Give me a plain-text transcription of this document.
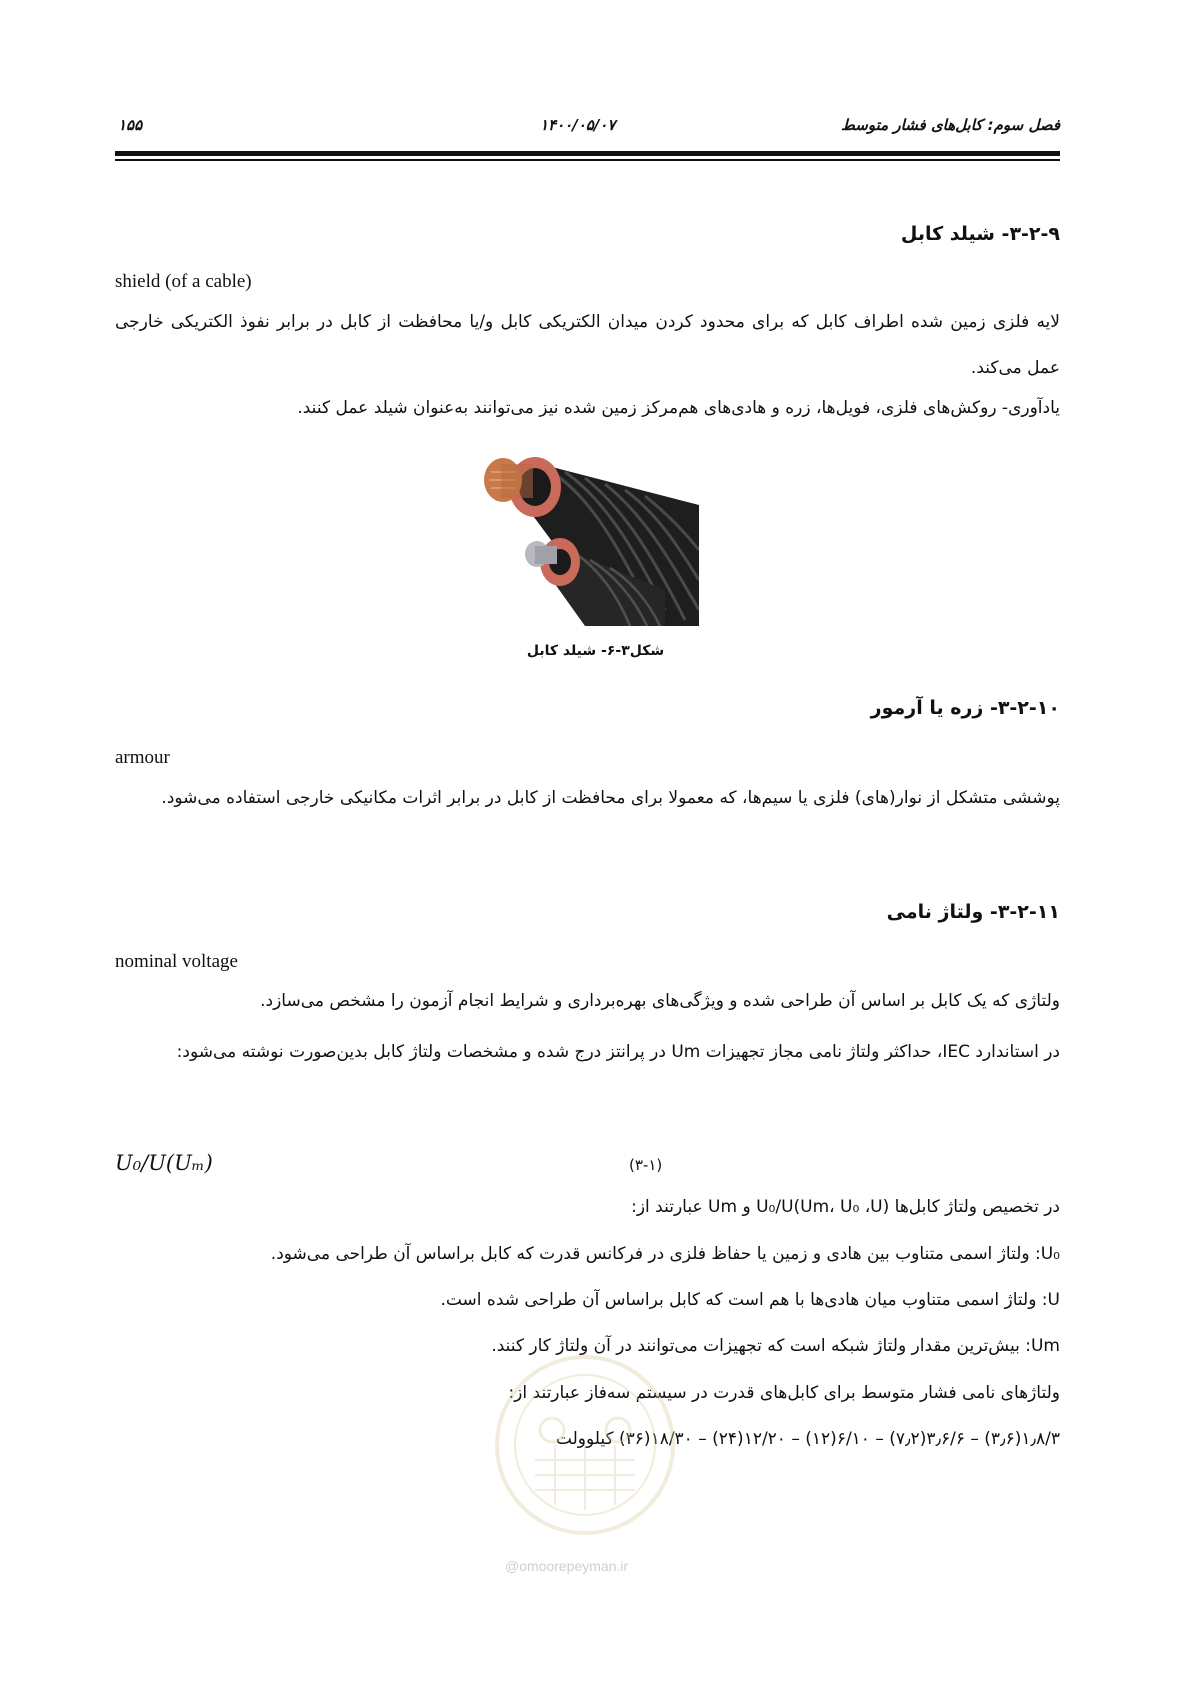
۱۵۵	۱۴۰۰/۰۵/۰۷	فصل سوم: کابل‌های فشار متوسط
۳-۲-۹- شیلد کابل
shield (of a cable)
لایه فلزی زمین شده اطراف کابل که برای محدود کردن میدان الکتریکی کابل و/یا محافظت از کابل در برابر نفوذ الکتریکی خارجی عمل می‌کند.
یادآوری- روکش‌های فلزی، فویل‌ها، زره و هادی‌های هم‌مرکز زمین شده نیز می‌توانند به‌عنوان شیلد عمل کنند.
شکل۳-۶- شیلد کابل
۳-۲-۱۰- زره یا آرمور
armour
پوششی متشکل از نوار(های) فلزی یا سیم‌ها، که معمولا برای محافظت از کابل در برابر اثرات مکانیکی خارجی استفاده می‌شود.
۳-۲-۱۱- ولتاژ نامی
nominal voltage
ولتاژی که یک کابل بر اساس آن طراحی شده و ویژگی‌های بهره‌برداری و شرایط انجام آزمون را مشخص می‌سازد.
در استاندارد IEC، حداکثر ولتاژ نامی مجاز تجهیزات Um در پرانتز درج شده و مشخصات ولتاژ کابل بدین‌صورت نوشته می‌شود:
U₀/U(Uₘ)	(۳-۱)
در تخصیص ولتاژ کابل‌ها (U₀/U(Um، U₀ ،U و Um عبارتند از:
U₀: ولتاژ اسمی متناوب بین هادی و زمین یا حفاظ فلزی در فرکانس قدرت که کابل براساس آن طراحی می‌شود.
U: ولتاژ اسمی متناوب میان هادی‌ها با هم است که کابل براساس آن طراحی شده است.
Um: بیش‌ترین مقدار ولتاژ شبکه است که تجهیزات می‌توانند در آن ولتاژ کار کنند.
ولتاژهای نامی فشار متوسط برای کابل‌های قدرت در سیستم سه‌فاز عبارتند از:
۱٫۸/۳(۳٫۶) – ۳٫۶/۶(۷٫۲) – ۶/۱۰(۱۲) – ۱۲/۲۰(۲۴) – ۱۸/۳۰(۳۶) کیلوولت
@omoorepeyman.ir
